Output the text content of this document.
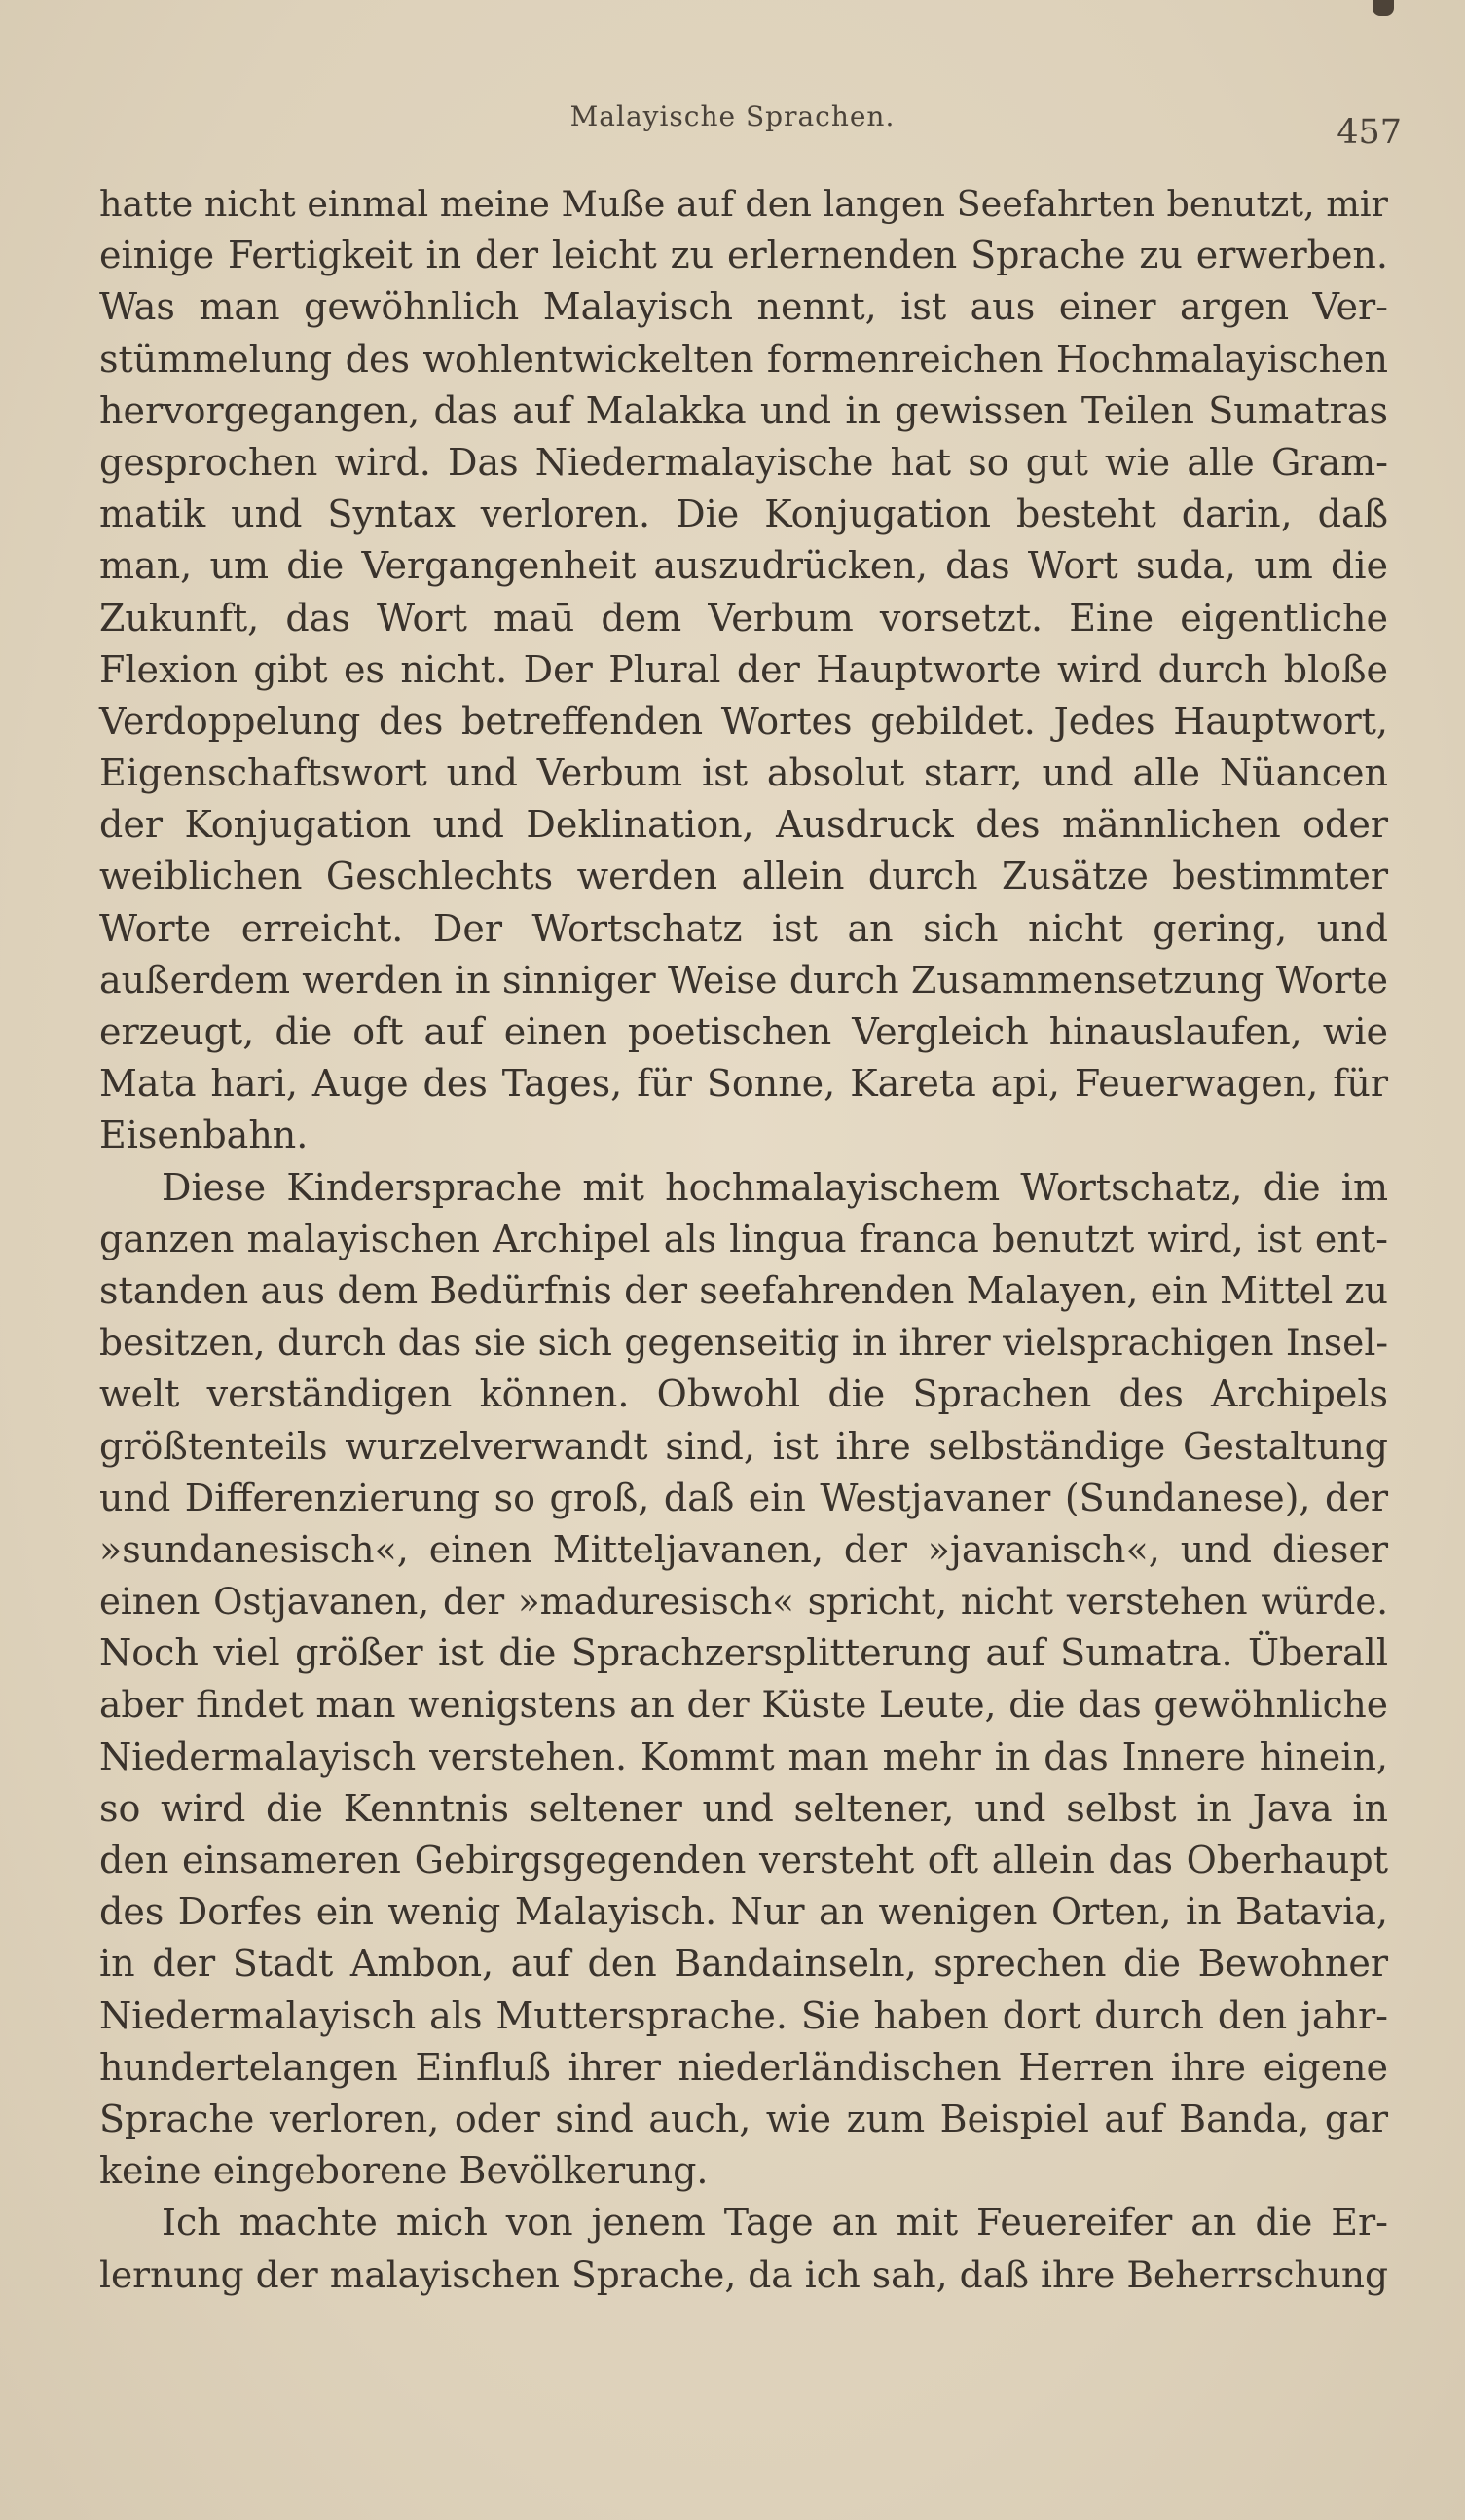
Malayische Sprachen.	457
hatte nicht einmal meine Muße auf den langen Seefahrten benutzt, mir
einige Fertigkeit in der leicht zu erlernenden Sprache zu erwerben.
Was man gewöhnlich Malayisch nennt, ist aus einer argen Ver-
stümmelung des wohlentwickelten formenreichen Hochmalayischen
hervorgegangen, das auf Malakka und in gewissen Teilen Sumatras
gesprochen wird. Das Niedermalayische hat so gut wie alle Gram-
matik und Syntax verloren. Die Konjugation besteht darin, daß
man, um die Vergangenheit auszudrücken, das Wort suda, um die
Zukunft, das Wort maū dem Verbum vorsetzt. Eine eigentliche
Flexion gibt es nicht. Der Plural der Hauptworte wird durch bloße
Verdoppelung des betreffenden Wortes gebildet. Jedes Hauptwort,
Eigenschaftswort und Verbum ist absolut starr, und alle Nüancen
der Konjugation und Deklination, Ausdruck des männlichen oder
weiblichen Geschlechts werden allein durch Zusätze bestimmter
Worte erreicht. Der Wortschatz ist an sich nicht gering, und
außerdem werden in sinniger Weise durch Zusammensetzung Worte
erzeugt, die oft auf einen poetischen Vergleich hinauslaufen, wie
Mata hari, Auge des Tages, für Sonne, Kareta api, Feuerwagen, für
Eisenbahn.
Diese Kindersprache mit hochmalayischem Wortschatz, die im
ganzen malayischen Archipel als lingua franca benutzt wird, ist ent-
standen aus dem Bedürfnis der seefahrenden Malayen, ein Mittel zu
besitzen, durch das sie sich gegenseitig in ihrer vielsprachigen Insel-
welt verständigen können. Obwohl die Sprachen des Archipels
größtenteils wurzelverwandt sind, ist ihre selbständige Gestaltung
und Differenzierung so groß, daß ein Westjavaner (Sundanese), der
»sundanesisch«, einen Mitteljavanen, der »javanisch«, und dieser
einen Ostjavanen, der »maduresisch« spricht, nicht verstehen würde.
Noch viel größer ist die Sprachzersplitterung auf Sumatra. Überall
aber findet man wenigstens an der Küste Leute, die das gewöhnliche
Niedermalayisch verstehen. Kommt man mehr in das Innere hinein,
so wird die Kenntnis seltener und seltener, und selbst in Java in
den einsameren Gebirgsgegenden versteht oft allein das Oberhaupt
des Dorfes ein wenig Malayisch. Nur an wenigen Orten, in Batavia,
in der Stadt Ambon, auf den Bandainseln, sprechen die Bewohner
Niedermalayisch als Muttersprache. Sie haben dort durch den jahr-
hundertelangen Einfluß ihrer niederländischen Herren ihre eigene
Sprache verloren, oder sind auch, wie zum Beispiel auf Banda, gar
keine eingeborene Bevölkerung.
Ich machte mich von jenem Tage an mit Feuereifer an die Er-
lernung der malayischen Sprache, da ich sah, daß ihre Beherrschung
